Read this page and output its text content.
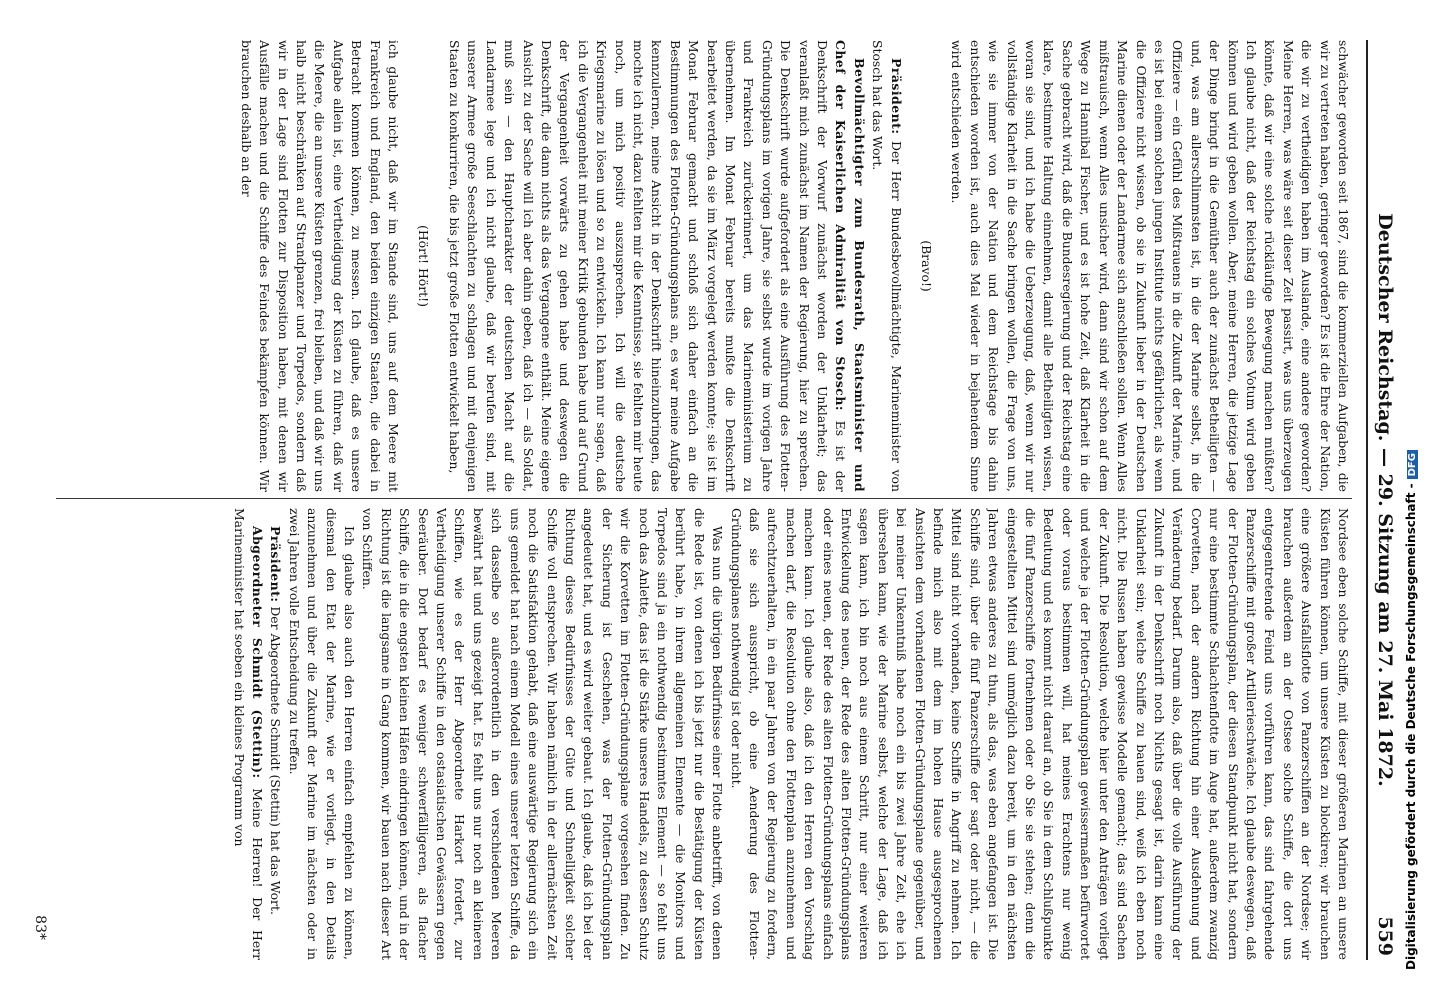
Deutscher Reichstag. — 29. Sitzung am 27. Mai 1872.
559

schwächer geworden seit 1867, sind die kommerziellen Aufgaben, die wir zu vertreten haben, geringer geworden? Es ist die Ehre der Nation, die wir zu vertheidigen haben im Auslande, eine andere geworden? Meine Herren, was wäre seit dieser Zeit passirt, was uns überzeugen könnte, daß wir eine solche rückläufige Bewegung machen müßten? Ich glaube nicht, daß der Reichstag ein solches Votum wird geben können und wird geben wollen. Aber, meine Herren, die jetzige Lage der Dinge bringt in die Gemüther auch der zunächst Betheiligten — und, was am allerschlimmsten ist, in die der Marine selbst, in die Offiziere — ein Gefühl des Mißtrauens in die Zukunft der Marine, und es ist bei einem solchen jungen Institute nichts gefährlicher, als wenn die Offiziere nicht wissen, ob sie in Zukunft lieber in der Deutschen Marine dienen oder der Landarmee sich anschließen sollen. Wenn Alles mißtrauisch, wenn Alles unsicher wird, dann sind wir schon auf dem Wege zu Hannibal Fischer, und es ist hohe Zeit, daß Klarheit in die Sache gebracht wird, daß die Bundesregierung und der Reichstag eine klare, bestimmte Haltung einnehmen, damit alle Betheiligten wissen, woran sie sind, und ich habe die Ueberzeugung, daß, wenn wir nur vollständige Klarheit in die Sache bringen wollen, die Frage von uns, wie sie immer von der Nation und dem Reichstage bis dahin entschieden worden ist, auch dies Mal wieder in bejahendem Sinne wird entschieden werden.

(Bravo!)

Präsident: Der Herr Bundesbevollmächtigte, Marineminister von Stosch hat das Wort.

Bevollmächtigter zum Bundesrath, Staatsminister und Chef der Kaiserlichen Admiralität von Stosch: Es ist der Denkschrift der Vorwurf zunächst worden der Unklarheit; das veranlaßt mich zunächst im Namen der Regierung, hier zu sprechen. Die Denkschrift wurde aufgefordert als eine Ausführung des Flotten-Gründungsplans im vorigen Jahre, sie selbst wurde im vorigen Jahre und Frankreich zurückerinnert, um das Marineministerium zu übernehmen. Im Monat Februar bereits mußte die Denkschrift bearbeitet werden, da sie im März vorgelegt werden konnte; sie ist im Monat Februar gemacht und schloß sich daher einfach an die Bestimmungen des Flotten-Gründungsplans an, es war meine Aufgabe kennzulernen, meine Ansicht in der Denkschrift hineinzubringen, das mochte ich nicht, dazu fehlten mir die Kenntnisse, sie fehlten mir heute noch, um mich positiv auszusprechen. Ich will die deutsche Kriegsmarine zu lösen und so zu entwickeln. Ich kann nur sagen, daß ich die Vergangenheit mit meiner Kritik gebunden habe und auf Grund der Vergangenheit vorwärts zu gehen habe und deswegen die Denkschrift, die dann nichts als das Vergangene enthält. Meine eigene Ansicht zu der Sache will ich aber dahin geben, daß ich — als Soldat, muß sein — den Hauptcharakter der deutschen Macht auf die Landarmee lege und ich nicht glaube, daß wir berufen sind, mit unserer Armee große Seeschlachten zu schlagen und mit denjenigen Staaten zu konkurriren, die bis jetzt große Flotten entwickelt haben,

(Hört! Hört!)

ich glaube nicht, daß wir im Stande sind, uns auf dem Meere mit Frankreich und England, den beiden einzigen Staaten, die dabei in Betracht kommen können, zu messen. Ich glaube, daß es unsere Aufgabe allein ist, eine Vertheidigung der Küsten zu führen, daß wir die Meere, die an unsere Küsten grenzen, frei bleiben, und daß wir uns halb nicht beschränken auf Strandpanzer und Torpedos, sondern daß wir in der Lage sind Flotten zur Disposition haben, mit denen wir Ausfälle machen und die Schiffe des Feindes bekämpfen können. Wir brauchen deshalb an der

Nordsee eben solche Schiffe, mit dieser größeren Marinen an unsere Küsten führen können, um unsere Küsten zu blockiren; wir brauchen eine größere Ausfallsflotte von Panzerschiffen an der Nordsee; wir brauchen außerdem an der Ostsee solche Schiffe, die dort uns entgegentretende Feind uns vorführen kann, das sind fahrgehende Panzerschiffe mit großer Artillerieschwäche. Ich glaube deswegen, daß der Flotten-Gründungsplan, der diesen Standpunkt nicht hat, sondern nur eine bestimmte Schlachtenflotte im Auge hat, außerdem zwanzig Corvetten, nach der andern Richtung hin einer Ausdehnung und Veränderung bedarf. Darum also, daß über die volle Ausführung der Zukunft in der Denkschrift noch Nichts gesagt ist, darin kann eine Unklarheit sein; welche Schiffe zu bauen sind, weiß ich eben noch nicht. Die Russen haben gewisse Modelle gemacht; das sind Sachen der Zukunft. Die Resolution, welche hier unter den Anträgen vorliegt und welche ja der Flotten-Gründungsplan gewissermaßen befürwortet oder voraus bestimmen will, hat meines Erachtens nur wenig Bedeutung und es kommt nicht darauf an, ob Sie in dem Schlußpunkte die fünf Panzerschiffe fortnehmen oder ob Sie sie stehen; denn die eingestellten Mittel sind unmöglich dazu bereit, um in den nächsten Jahren etwas anderes zu thun, als das, was eben angefangen ist. Die Schiffe sind, über die fünf Panzerschiffe der sagt oder nicht, — die Mittel sind nicht vorhanden, keine Schiffe in Angriff zu nehmen. Ich befinde mich also mit dem im hohen Hause ausgesprochenen Ansichten dem vorhandenen Flotten-Gründungsplane gegenüber, und bei meiner Unkenntniß habe noch ein bis zwei Jahre Zeit, ehe ich übersehen kann, wie der Marine selbst, welche der Lage, daß ich sagen kann, ich bin noch aus einem Schritt, nur einer weiteren Entwickelung des neuen, der Rede des alten Flotten-Gründungsplans oder eines neuen, der Rede des alten Flotten-Gründungsplans einfach machen kann. Ich glaube also, daß ich den Herren den Vorschlag machen darf, die Resolution ohne den Flottenplan anzunehmen und aufrechtzuerhalten, in ein paar Jahren von der Regierung zu fordern, daß sie sich ausspricht, ob eine Aenderung des Flotten-Gründungsplanes nothwendig ist oder nicht.

Was nun die übrigen Bedürfnisse einer Flotte anbetrifft, von denen die Rede ist, von denen ich bis jetzt nur die Bestätigung der Küsten berührt habe, in ihrem allgemeinen Elemente — die Monitors und Torpedos sind ja ein nothwendig bestimmtes Element — so fehlt uns noch das Anlette, das ist die Stärke unseres Handels, zu dessen Schutz wir die Korvetten im Flotten-Gründungsplane vorgesehen finden. Zu der Sicherung ist Geschehen, was der Flotten-Gründungsplan angedeutet hat, und es wird weiter gebaut. Ich glaube, daß ich bei der Richtung dieses Bedürfnisses der Güte und Schnelligkeit solcher Schiffe voll entsprechen. Wir haben nämlich in der allernächsten Zeit noch die Satisfaktion gehabt, daß eine auswärtige Regierung sich ein uns gemeldet hat nach einem Modell eines unserer letzten Schiffe, da sich dasselbe so außerordentlich in den verschiedenen Meeren bewährt hat und uns gezeigt hat. Es fehlt uns nur noch an kleineren Schiffen, wie es der Herr Abgeordnete Harkort fordert, zur Vertheidigung unserer Schiffe in den ostasiatischen Gewässern gegen Seeräuber. Dort bedarf es weniger schwerfälligeren, als flacher Schiffe, die in die engsten kleinen Häfen eindringen können, und in der Richtung ist die langsame in Gang kommen, wir bauen nach dieser Art von Schiffen.

Ich glaube also auch den Herren einfach empfehlen zu können, diesmal den Etat der Marine, wie er vorliegt, in den Details anzunehmen und über die Zukunft der Marine im nächsten oder in zwei Jahren volle Entscheidung zu treffen.

Präsident: Der Abgeordnete Schmidt (Stettin) hat das Wort.

Abgeordneter Schmidt (Stettin): Meine Herren! Der Herr Marineminister hat soeben ein kleines Programm von

83*	Digitalisierung gefördert durch die Deutsche Forschungsgemeinschaft -DFG
